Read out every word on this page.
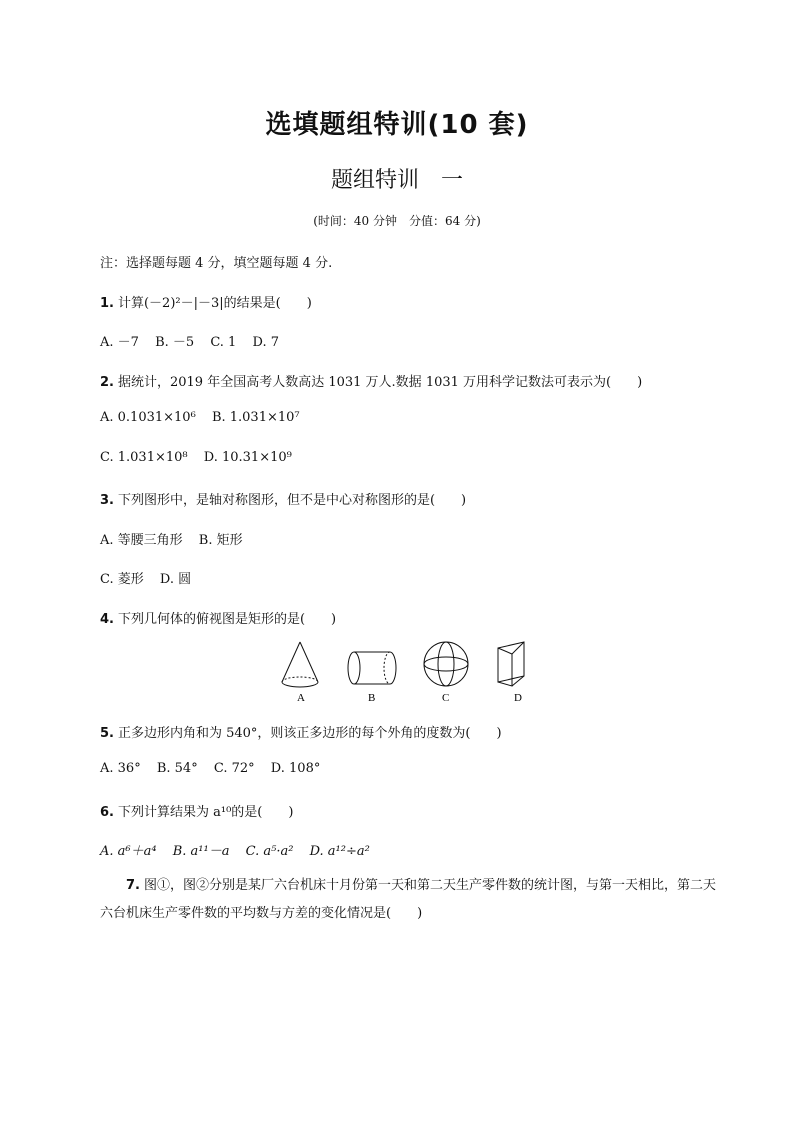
选填题组特训(10 套)
题组特训　一
(时间：40 分钟　分值：64 分)
注：选择题每题 4 分，填空题每题 4 分.
1. 计算(－2)²－|－3|的结果是(　　)
A. －7 B. －5 C. 1 D. 7
2. 据统计，2019 年全国高考人数高达 1031 万人.数据 1031 万用科学记数法可表示为(　　)
A. 0.1031×10⁶ B. 1.031×10⁷
C. 1.031×10⁸ D. 10.31×10⁹
3. 下列图形中，是轴对称图形，但不是中心对称图形的是(　　)
A. 等腰三角形 B. 矩形
C. 菱形 D. 圆
4. 下列几何体的俯视图是矩形的是(　　)
A	B	C	D
5. 正多边形内角和为 540°，则该正多边形的每个外角的度数为(　　)
A. 36° B. 54° C. 72° D. 108°
6. 下列计算结果为 a¹⁰的是(　　)
A. a⁶＋a⁴ B. a¹¹－a C. a⁵·a² D. a¹²÷a²
7. 图①，图②分别是某厂六台机床十月份第一天和第二天生产零件数的统计图，与第一天相比，第二天六台机床生产零件数的平均数与方差的变化情况是(　　)
